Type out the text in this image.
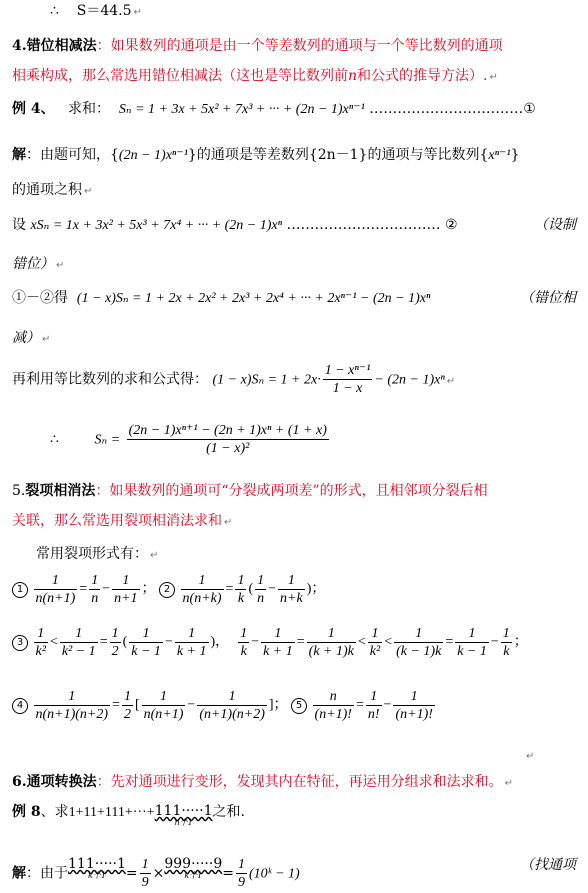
∴ S＝44.5 ↵
4.错位相减法：如果数列的通项是由一个等差数列的通项与一个等比数列的通项
相乘构成，那么常选用错位相减法（这也是等比数列前n和公式的推导方法）. ↵
例 4、 求和： Sₙ = 1 + 3x + 5x² + 7x³ + ··· + (2n − 1)xⁿ⁻¹ ……………………………①
解：由题可知，{(2n − 1)xⁿ⁻¹}的通项是等差数列{2n－1}的通项与等比数列{xⁿ⁻¹}
的通项之积 ↵
设 xSₙ = 1x + 3x² + 5x³ + 7x⁴ + ··· + (2n − 1)xⁿ …………………………… ②	（设制
错位） ↵
①－②得 (1 − x)Sₙ = 1 + 2x + 2x² + 2x³ + 2x⁴ + ··· + 2xⁿ⁻¹ − (2n − 1)xⁿ	（错位相
减） ↵
再利用等比数列的求和公式得： $(1 - x)S_n = 1 + 2x\cdot \frac{\text{1 − xⁿ⁻¹}}{1 - x} - (2n - 1)x^n$ ↵
∴	$S_n = \frac{\text{(2n − 1)xⁿ⁺¹ − (2n + 1)xⁿ + (1 + x)}}{\text{(1 − x)²}}$
5.裂项相消法：如果数列的通项可“分裂成两项差”的形式，且相邻项分裂后相
关联，那么常选用裂项相消法求和 ↵
常用裂项形式有： ↵
$1 \frac{1}{n(n+1)} = \frac{1}{n} - \frac{1}{n+1}$ ； $2 \frac{1}{n(n+k)} = \frac{1}{k}$ ( $\frac{1}{n} - \frac{1}{n+k}$ )；
$3 \frac{1}{\text{k²}} < \frac{1}{\text{k² − 1}} = \frac{1}{2}$ ( $\frac{1}{k - 1} - \frac{1}{k + 1}$ )， $\frac{1}{k} - \frac{1}{k + 1} = \frac{1}{(k + 1)k} < \frac{1}{\text{k²}} < \frac{1}{(k - 1)k} = \frac{1}{k - 1} - \frac{1}{k}$ ；
$4 \frac{1}{n(n+1)(n+2)} = \frac{1}{2}$ [ $\frac{1}{n(n+1)} - \frac{1}{(n+1)(n+2)}$ ]； $5 \frac{n}{(n+1)!} = \frac{1}{n!} - \frac{1}{(n+1)!}$
↵
6.通项转换法：先对通项进行变形，发现其内在特征，再运用分组求和法求和。 ↵
例 8、求1+11+111+···+ 111·····1
n个1
之和.
解：由于
111·····1
k个1	= $\frac{1}{9}$ ×
999·····9
k个1	= $\frac{1}{9}$ (10ᵏ − 1)
（找通项
